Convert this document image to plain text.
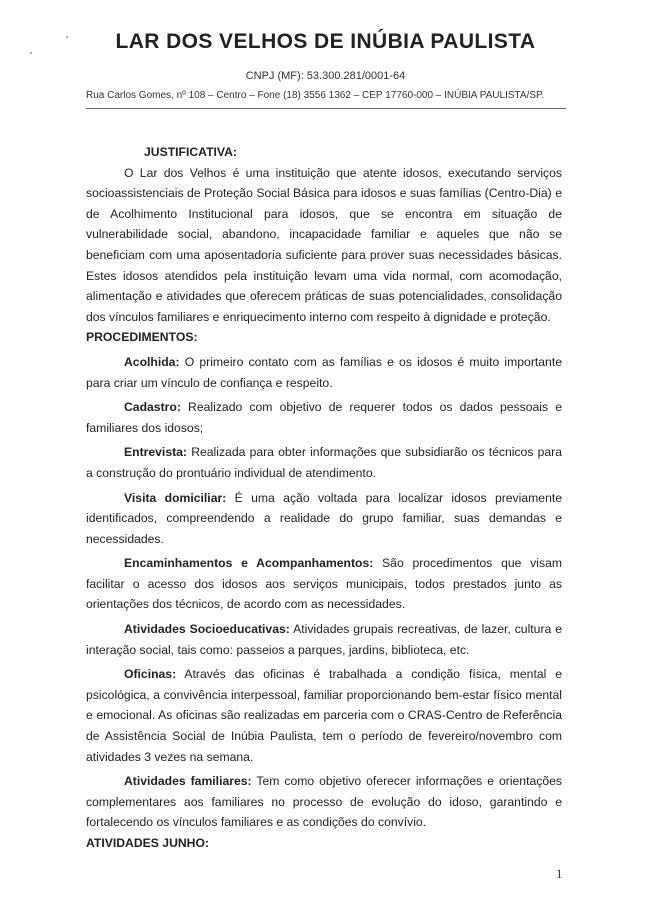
LAR DOS VELHOS DE INÚBIA PAULISTA
CNPJ (MF): 53.300.281/0001-64
Rua Carlos Gomes, nº 108 – Centro – Fone (18) 3556 1362 – CEP 17760-000 – INÚBIA PAULISTA/SP.

JUSTIFICATIVA:

O Lar dos Velhos é uma instituição que atente idosos, executando serviços socioassistenciais de Proteção Social Básica para idosos e suas famílias (Centro-Dia) e de Acolhimento Institucional para idosos, que se encontra em situação de vulnerabilidade social, abandono, incapacidade familiar e aqueles que não se beneficiam com uma aposentadoria suficiente para prover suas necessidades básicas. Estes idosos atendidos pela instituição levam uma vida normal, com acomodação, alimentação e atividades que oferecem práticas de suas potencialidades, consolidação dos vínculos familiares e enriquecimento interno com respeito à dignidade e proteção.

PROCEDIMENTOS:

Acolhida: O primeiro contato com as famílias e os idosos é muito importante para criar um vínculo de confiança e respeito.

Cadastro: Realizado com objetivo de requerer todos os dados pessoais e familiares dos idosos;

Entrevista: Realizada para obter informações que subsidiarão os técnicos para a construção do prontuário individual de atendimento.

Visita domiciliar: É uma ação voltada para localizar idosos previamente identificados, compreendendo a realidade do grupo familiar, suas demandas e necessidades.

Encaminhamentos e Acompanhamentos: São procedimentos que visam facilitar o acesso dos idosos aos serviços municipais, todos prestados junto as orientações dos técnicos, de acordo com as necessidades.

Atividades Socioeducativas: Atividades grupais recreativas, de lazer, cultura e interação social, tais como: passeios a parques, jardins, biblioteca, etc.

Oficinas: Através das oficinas é trabalhada a condição física, mental e psicológica, a convivência interpessoal, familiar proporcionando bem-estar físico mental e emocional. As oficinas são realizadas em parceria com o CRAS-Centro de Referência de Assistência Social de Inúbia Paulista, tem o período de fevereiro/novembro com atividades 3 vezes na semana.

Atividades familiares: Tem como objetivo oferecer informações e orientações complementares aos familiares no processo de evolução do idoso, garantindo e fortalecendo os vínculos familiares e as condições do convívio.

ATIVIDADES JUNHO:
1
